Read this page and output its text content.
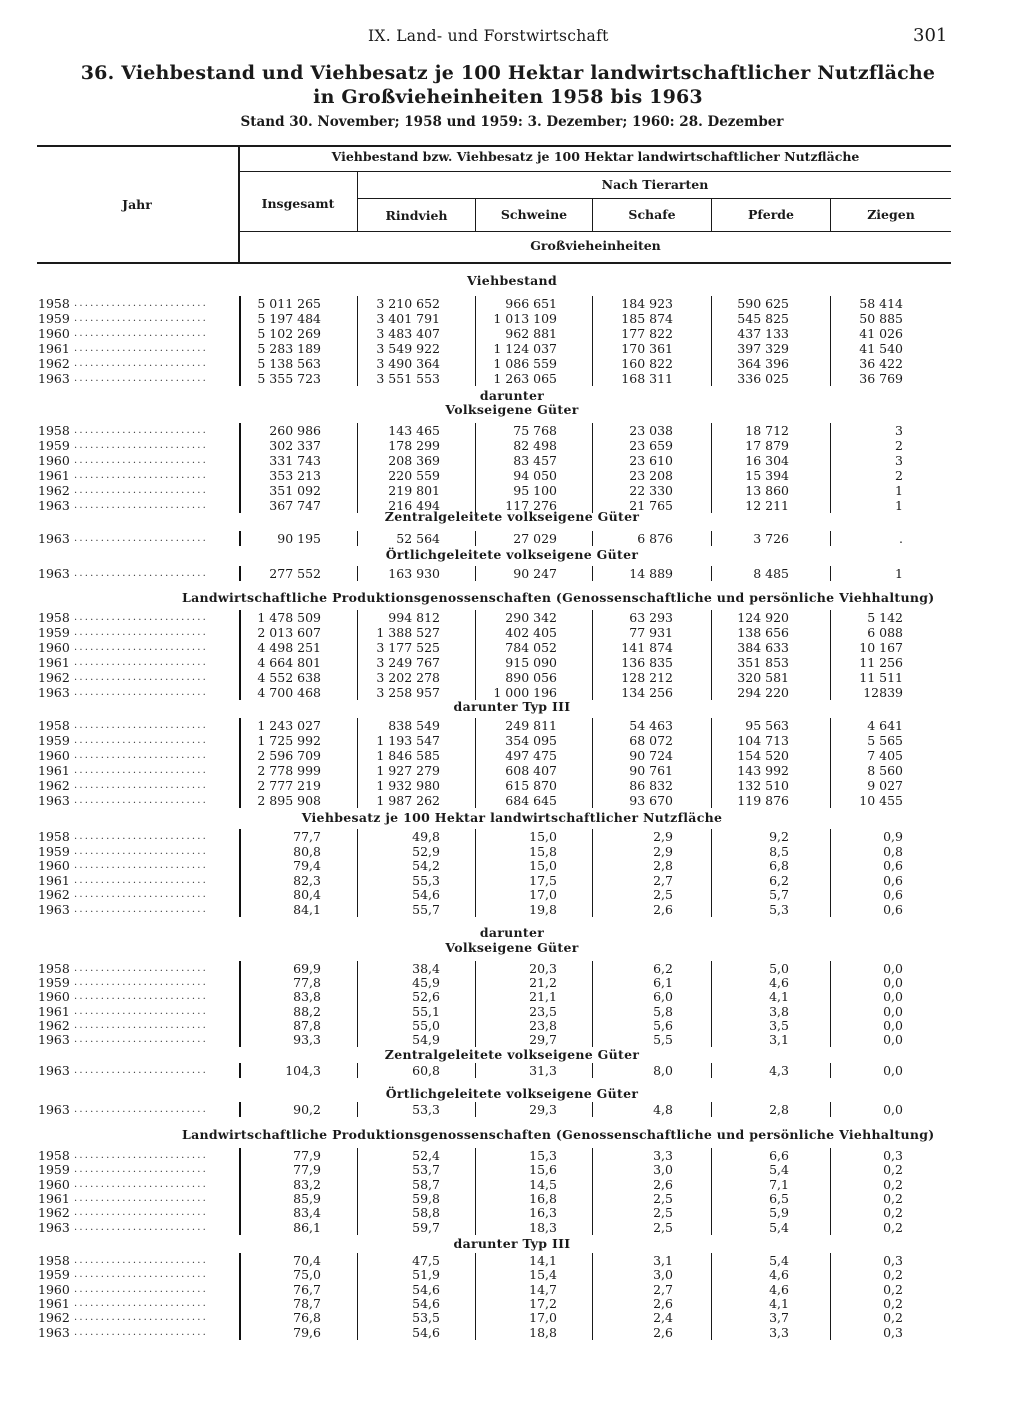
IX. Land- und Forstwirtschaft	301
36. Viehbestand und Viehbesatz je 100 Hektar landwirtschaftlicher Nutzfläche
in Großvieheinheiten 1958 bis 1963
Stand 30. November; 1958 und 1959: 3. Dezember; 1960: 28. Dezember
Jahr	Insgesamt
Viehbestand bzw. Viehbesatz je 100 Hektar landwirtschaftlicher Nutzfläche
Nach Tierarten
Rindvieh	Schweine	Schafe	Pferde	Ziegen
Großvieheinheiten
Viehbestand
1958 . . . . . . . . . . . . . . . . . . . . . . . . .	5 011 265	3 210 652	966 651	184 923	590 625	58 414
1959 . . . . . . . . . . . . . . . . . . . . . . . . .	5 197 484	3 401 791	1 013 109	185 874	545 825	50 885
1960 . . . . . . . . . . . . . . . . . . . . . . . . .	5 102 269	3 483 407	962 881	177 822	437 133	41 026
1961 . . . . . . . . . . . . . . . . . . . . . . . . .	5 283 189	3 549 922	1 124 037	170 361	397 329	41 540
1962 . . . . . . . . . . . . . . . . . . . . . . . . .	5 138 563	3 490 364	1 086 559	160 822	364 396	36 422
1963 . . . . . . . . . . . . . . . . . . . . . . . . .	5 355 723	3 551 553	1 263 065	168 311	336 025	36 769
darunter
Volkseigene Güter
1958 . . . . . . . . . . . . . . . . . . . . . . . . .	260 986	143 465	75 768	23 038	18 712	3
1959 . . . . . . . . . . . . . . . . . . . . . . . . .	302 337	178 299	82 498	23 659	17 879	2
1960 . . . . . . . . . . . . . . . . . . . . . . . . .	331 743	208 369	83 457	23 610	16 304	3
1961 . . . . . . . . . . . . . . . . . . . . . . . . .	353 213	220 559	94 050	23 208	15 394	2
1962 . . . . . . . . . . . . . . . . . . . . . . . . .	351 092	219 801	95 100	22 330	13 860	1
1963 . . . . . . . . . . . . . . . . . . . . . . . . .	367 747	216 494	117 276	21 765	12 211	1
Zentralgeleitete volkseigene Güter
1963 . . . . . . . . . . . . . . . . . . . . . . . . .	90 195	52 564	27 029	6 876	3 726	.
Örtlichgeleitete volkseigene Güter
1963 . . . . . . . . . . . . . . . . . . . . . . . . .	277 552	163 930	90 247	14 889	8 485	1
Landwirtschaftliche Produktionsgenossenschaften (Genossenschaftliche und persönliche Viehhaltung)
1958 . . . . . . . . . . . . . . . . . . . . . . . . .	1 478 509	994 812	290 342	63 293	124 920	5 142
1959 . . . . . . . . . . . . . . . . . . . . . . . . .	2 013 607	1 388 527	402 405	77 931	138 656	6 088
1960 . . . . . . . . . . . . . . . . . . . . . . . . .	4 498 251	3 177 525	784 052	141 874	384 633	10 167
1961 . . . . . . . . . . . . . . . . . . . . . . . . .	4 664 801	3 249 767	915 090	136 835	351 853	11 256
1962 . . . . . . . . . . . . . . . . . . . . . . . . .	4 552 638	3 202 278	890 056	128 212	320 581	11 511
1963 . . . . . . . . . . . . . . . . . . . . . . . . .	4 700 468	3 258 957	1 000 196	134 256	294 220	12839
darunter Typ III
1958 . . . . . . . . . . . . . . . . . . . . . . . . .	1 243 027	838 549	249 811	54 463	95 563	4 641
1959 . . . . . . . . . . . . . . . . . . . . . . . . .	1 725 992	1 193 547	354 095	68 072	104 713	5 565
1960 . . . . . . . . . . . . . . . . . . . . . . . . .	2 596 709	1 846 585	497 475	90 724	154 520	7 405
1961 . . . . . . . . . . . . . . . . . . . . . . . . .	2 778 999	1 927 279	608 407	90 761	143 992	8 560
1962 . . . . . . . . . . . . . . . . . . . . . . . . .	2 777 219	1 932 980	615 870	86 832	132 510	9 027
1963 . . . . . . . . . . . . . . . . . . . . . . . . .	2 895 908	1 987 262	684 645	93 670	119 876	10 455
Viehbesatz je 100 Hektar landwirtschaftlicher Nutzfläche
1958 . . . . . . . . . . . . . . . . . . . . . . . . .	77,7	49,8	15,0	2,9	9,2	0,9
1959 . . . . . . . . . . . . . . . . . . . . . . . . .	80,8	52,9	15,8	2,9	8,5	0,8
1960 . . . . . . . . . . . . . . . . . . . . . . . . .	79,4	54,2	15,0	2,8	6,8	0,6
1961 . . . . . . . . . . . . . . . . . . . . . . . . .	82,3	55,3	17,5	2,7	6,2	0,6
1962 . . . . . . . . . . . . . . . . . . . . . . . . .	80,4	54,6	17,0	2,5	5,7	0,6
1963 . . . . . . . . . . . . . . . . . . . . . . . . .	84,1	55,7	19,8	2,6	5,3	0,6
darunter
Volkseigene Güter
1958 . . . . . . . . . . . . . . . . . . . . . . . . .	69,9	38,4	20,3	6,2	5,0	0,0
1959 . . . . . . . . . . . . . . . . . . . . . . . . .	77,8	45,9	21,2	6,1	4,6	0,0
1960 . . . . . . . . . . . . . . . . . . . . . . . . .	83,8	52,6	21,1	6,0	4,1	0,0
1961 . . . . . . . . . . . . . . . . . . . . . . . . .	88,2	55,1	23,5	5,8	3,8	0,0
1962 . . . . . . . . . . . . . . . . . . . . . . . . .	87,8	55,0	23,8	5,6	3,5	0,0
1963 . . . . . . . . . . . . . . . . . . . . . . . . .	93,3	54,9	29,7	5,5	3,1	0,0
Zentralgeleitete volkseigene Güter
1963 . . . . . . . . . . . . . . . . . . . . . . . . .	104,3	60,8	31,3	8,0	4,3	0,0
Örtlichgeleitete volkseigene Güter
1963 . . . . . . . . . . . . . . . . . . . . . . . . .	90,2	53,3	29,3	4,8	2,8	0,0
Landwirtschaftliche Produktionsgenossenschaften (Genossenschaftliche und persönliche Viehhaltung)
1958 . . . . . . . . . . . . . . . . . . . . . . . . .	77,9	52,4	15,3	3,3	6,6	0,3
1959 . . . . . . . . . . . . . . . . . . . . . . . . .	77,9	53,7	15,6	3,0	5,4	0,2
1960 . . . . . . . . . . . . . . . . . . . . . . . . .	83,2	58,7	14,5	2,6	7,1	0,2
1961 . . . . . . . . . . . . . . . . . . . . . . . . .	85,9	59,8	16,8	2,5	6,5	0,2
1962 . . . . . . . . . . . . . . . . . . . . . . . . .	83,4	58,8	16,3	2,5	5,9	0,2
1963 . . . . . . . . . . . . . . . . . . . . . . . . .	86,1	59,7	18,3	2,5	5,4	0,2
darunter Typ III
1958 . . . . . . . . . . . . . . . . . . . . . . . . .	70,4	47,5	14,1	3,1	5,4	0,3
1959 . . . . . . . . . . . . . . . . . . . . . . . . .	75,0	51,9	15,4	3,0	4,6	0,2
1960 . . . . . . . . . . . . . . . . . . . . . . . . .	76,7	54,6	14,7	2,7	4,6	0,2
1961 . . . . . . . . . . . . . . . . . . . . . . . . .	78,7	54,6	17,2	2,6	4,1	0,2
1962 . . . . . . . . . . . . . . . . . . . . . . . . .	76,8	53,5	17,0	2,4	3,7	0,2
1963 . . . . . . . . . . . . . . . . . . . . . . . . .	79,6	54,6	18,8	2,6	3,3	0,3
